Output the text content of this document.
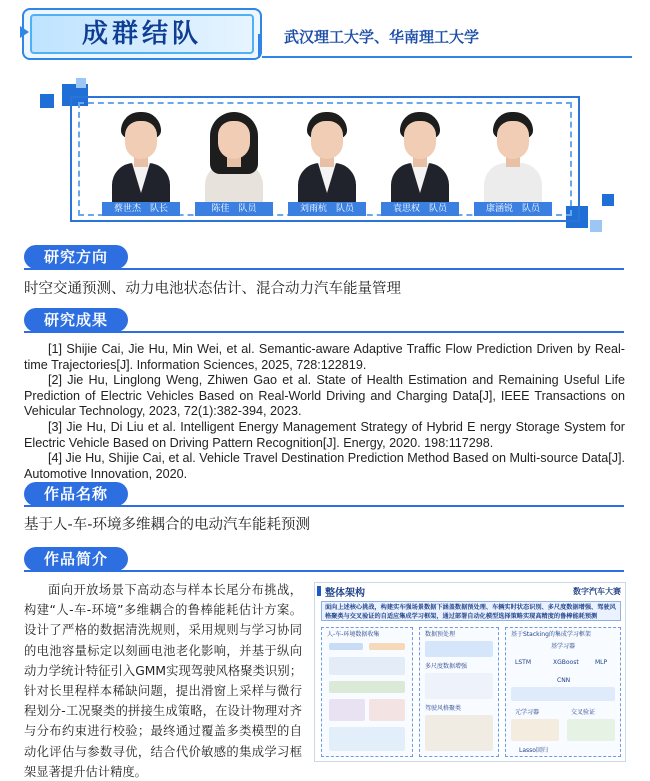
成群结队	武汉理工大学、华南理工大学
蔡世杰　队长	陈佳　队员	刘雨杭　队员	袁思权　队员	康涵锐　队员
研究方向
时空交通预测、动力电池状态估计、混合动力汽车能量管理
研究成果

[1] Shijie Cai, Jie Hu, Min Wei, et al. Semantic-aware Adaptive Traffic Flow Prediction Driven by Real-time Trajectories[J]. Information Sciences, 2025, 728:122819.

[2] Jie Hu, Linglong Weng, Zhiwen Gao et al. State of Health Estimation and Remaining Useful Life Prediction of Electric Vehicles Based on Real-World Driving and Charging Data[J], IEEE Transactions on Vehicular Technology, 2023, 72(1):382-394, 2023.

[3] Jie Hu, Di Liu et al. Intelligent Energy Management Strategy of Hybrid E nergy Storage System for Electric Vehicle Based on Driving Pattern Recognition[J]. Energy, 2020. 198:117298.

[4] Jie Hu, Shijie Cai, et al. Vehicle Travel Destination Prediction Method Based on Multi-source Data[J]. Automotive Innovation, 2020.

作品名称
基于人-车-环境多维耦合的电动汽车能耗预测
作品简介
面向开放场景下高动态与样本长尾分布挑战，构建“人-车-环境”多维耦合的鲁棒能耗估计方案。设计了严格的数据清洗规则，采用规则与学习协同的电池容量标定以刻画电池老化影响，并基于纵向动力学统计特征引入GMM实现驾驶风格聚类识别；针对长里程样本稀缺问题，提出滑窗上采样与微行程划分-工况聚类的拼接生成策略，在设计物理对齐与分布约束进行校验；最终通过覆盖多类模型的自动化评估与参数寻优，结合代价敏感的集成学习框架显著提升估计精度。
整体架构	数字汽车大赛
面向上述核心挑战，构建实车强场景数据下涵盖数据预处理、车辆实时状态识别、多尺度数据增强、驾驶风格聚类与交叉验证的自适应集成学习框架，通过部署自动化模型选择策略实现高精度的鲁棒能耗预测
人-车-环境数据收集	数据预处理
多尺度数据增强
驾驶风格聚类
基于Stacking的集成学习框架
基学习器
LSTM	XGBoost	MLP
CNN
元学习器	交叉验证
Lasso回归
